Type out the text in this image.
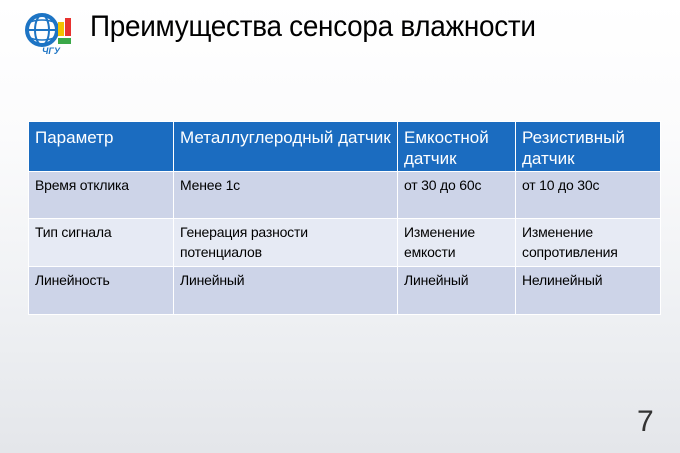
ЧГУ
Преимущества сенсора влажности
Параметр	Металлуглеродный датчик	Емкостной датчик	Резистивный датчик
Время отклика	Менее 1с	от 30 до 60с	от 10 до 30с
Тип сигнала	Генерация разности потенциалов	Изменение емкости	Изменение сопротивления
Линейность	Линейный	Линейный	Нелинейный
7
